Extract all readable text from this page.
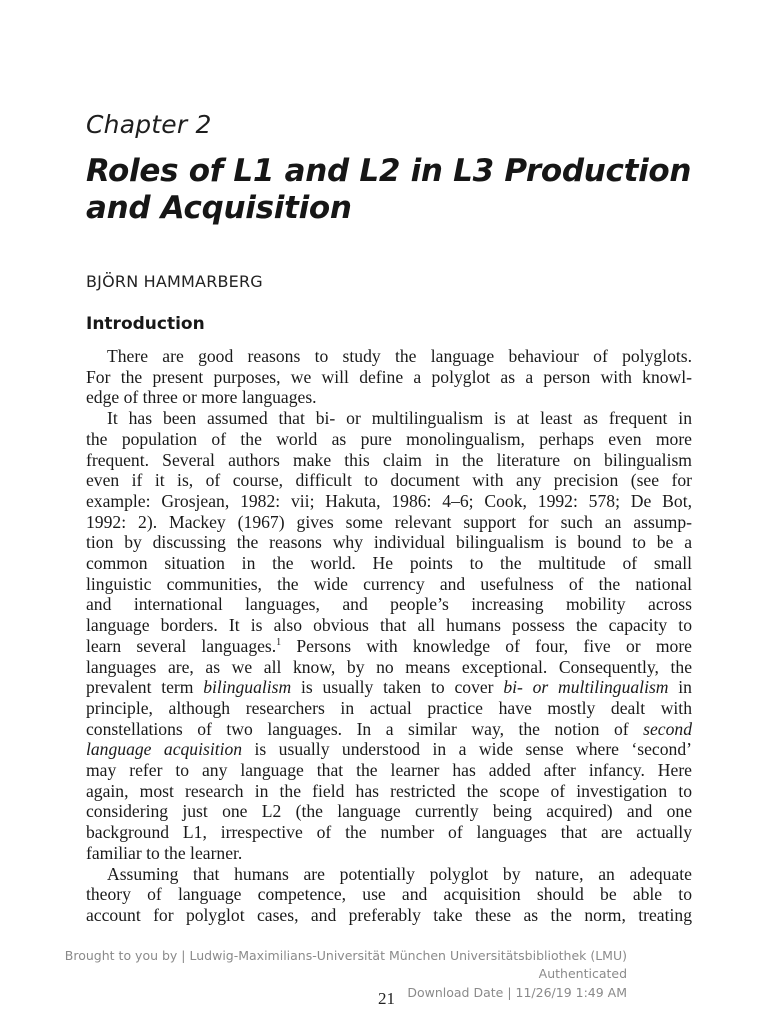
Chapter 2
Roles of L1 and L2 in L3 Production
and Acquisition
BJÖRN HAMMARBERG
Introduction
There are good reasons to study the language behaviour of polyglots.
For the present purposes, we will define a polyglot as a person with knowl-
edge of three or more languages.
It has been assumed that bi- or multilingualism is at least as frequent in
the population of the world as pure monolingualism, perhaps even more
frequent. Several authors make this claim in the literature on bilingualism
even if it is, of course, difficult to document with any precision (see for
example: Grosjean, 1982: vii; Hakuta, 1986: 4–6; Cook, 1992: 578; De Bot,
1992: 2). Mackey (1967) gives some relevant support for such an assump-
tion by discussing the reasons why individual bilingualism is bound to be a
common situation in the world. He points to the multitude of small
linguistic communities, the wide currency and usefulness of the national
and international languages, and people’s increasing mobility across
language borders. It is also obvious that all humans possess the capacity to
learn several languages.$^1$ Persons with knowledge of four, five or more
languages are, as we all know, by no means exceptional. Consequently, the
prevalent term bilingualism is usually taken to cover bi- or multilingualism in
principle, although researchers in actual practice have mostly dealt with
constellations of two languages. In a similar way, the notion of second
language acquisition is usually understood in a wide sense where ‘second’
may refer to any language that the learner has added after infancy. Here
again, most research in the field has restricted the scope of investigation to
considering just one L2 (the language currently being acquired) and one
background L1, irrespective of the number of languages that are actually
familiar to the learner.
Assuming that humans are potentially polyglot by nature, an adequate
theory of language competence, use and acquisition should be able to
account for polyglot cases, and preferably take these as the norm, treating
Brought to you by | Ludwig-Maximilians-Universität München Universitätsbibliothek (LMU)
Authenticated
Download Date | 11/26/19 1:49 AM
21
